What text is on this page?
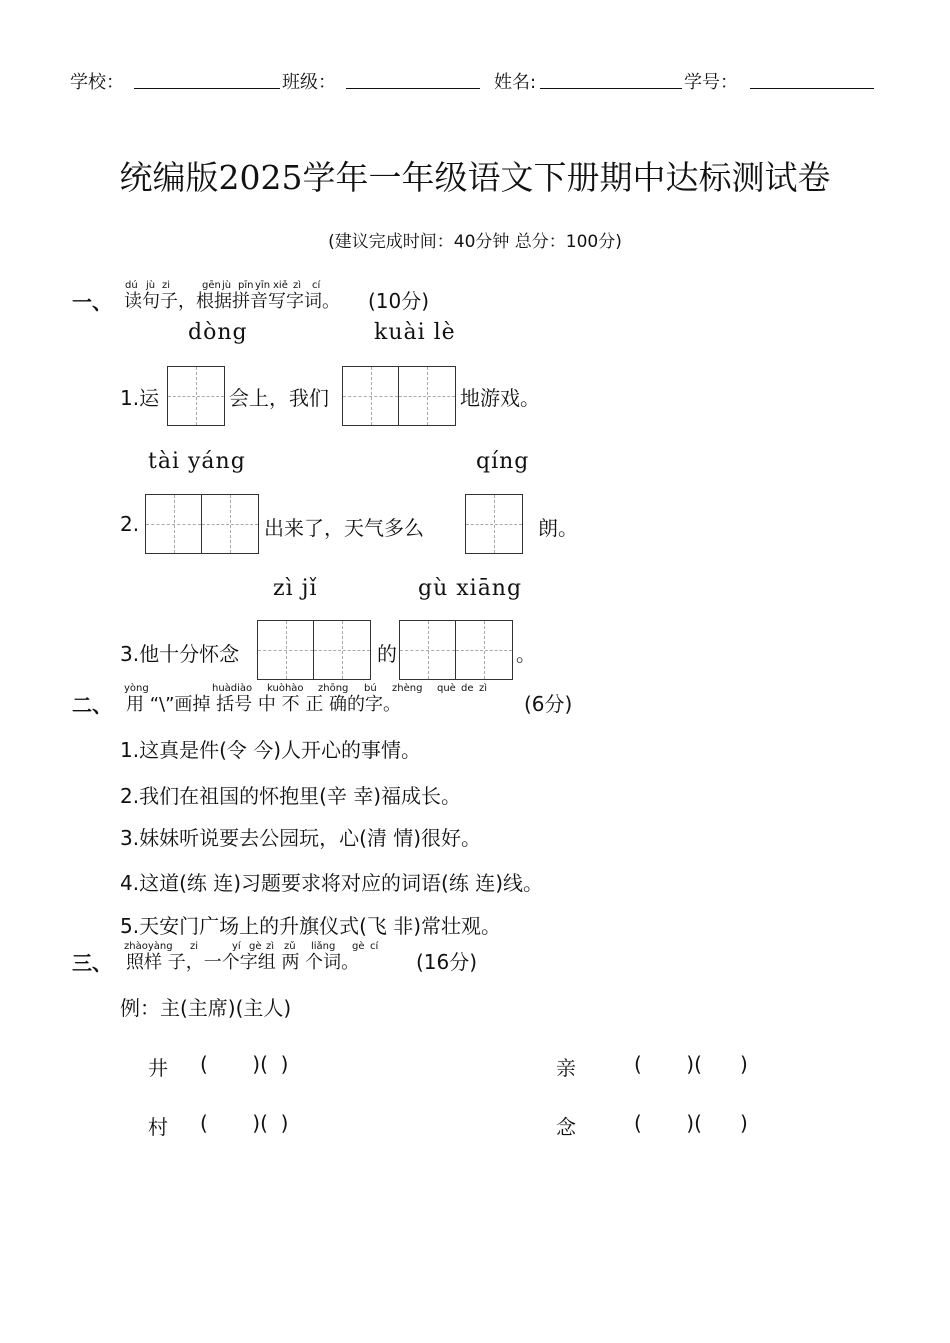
学校：	班级：	姓名:	学号：
统编版2025学年一年级语文下册期中达标测试卷
(建议完成时间：40分钟 总分：100分)
dú jù zi	gēn jù pīn yīn xiě zì cí
一、 读句子，根据拼音写字词。 (10分)
dòng	kuài lè
1.运	会上，我们	地游戏。
tài yáng	qíng
2.	出来了，天气多么	朗。
zì jǐ	gù xiāng
3.他十分怀念	的	。
yòng	huàdiào kuòhào zhōng bú zhèng què de zì
二、 用 “\”画掉 括号 中 不 正 确的字。	(6分)
1.这真是件(令 今)人开心的事情。
2.我们在祖国的怀抱里(辛 幸)福成长。
3.妹妹听说要去公园玩，心(清 情)很好。
4.这道(练 连)习题要求将对应的词语(练 连)线。
5.天安门广场上的升旗仪式(飞 非)常壮观。
zhàoyàng zi	yí gè zì zǔ liǎng gè cí
三、 照样 子，一个字组 两 个词。	(16分)
例：主(主席)(主人)
井 (       )(  )	亲	(       )(      )
村 (       )(  )	念	(       )(      )
